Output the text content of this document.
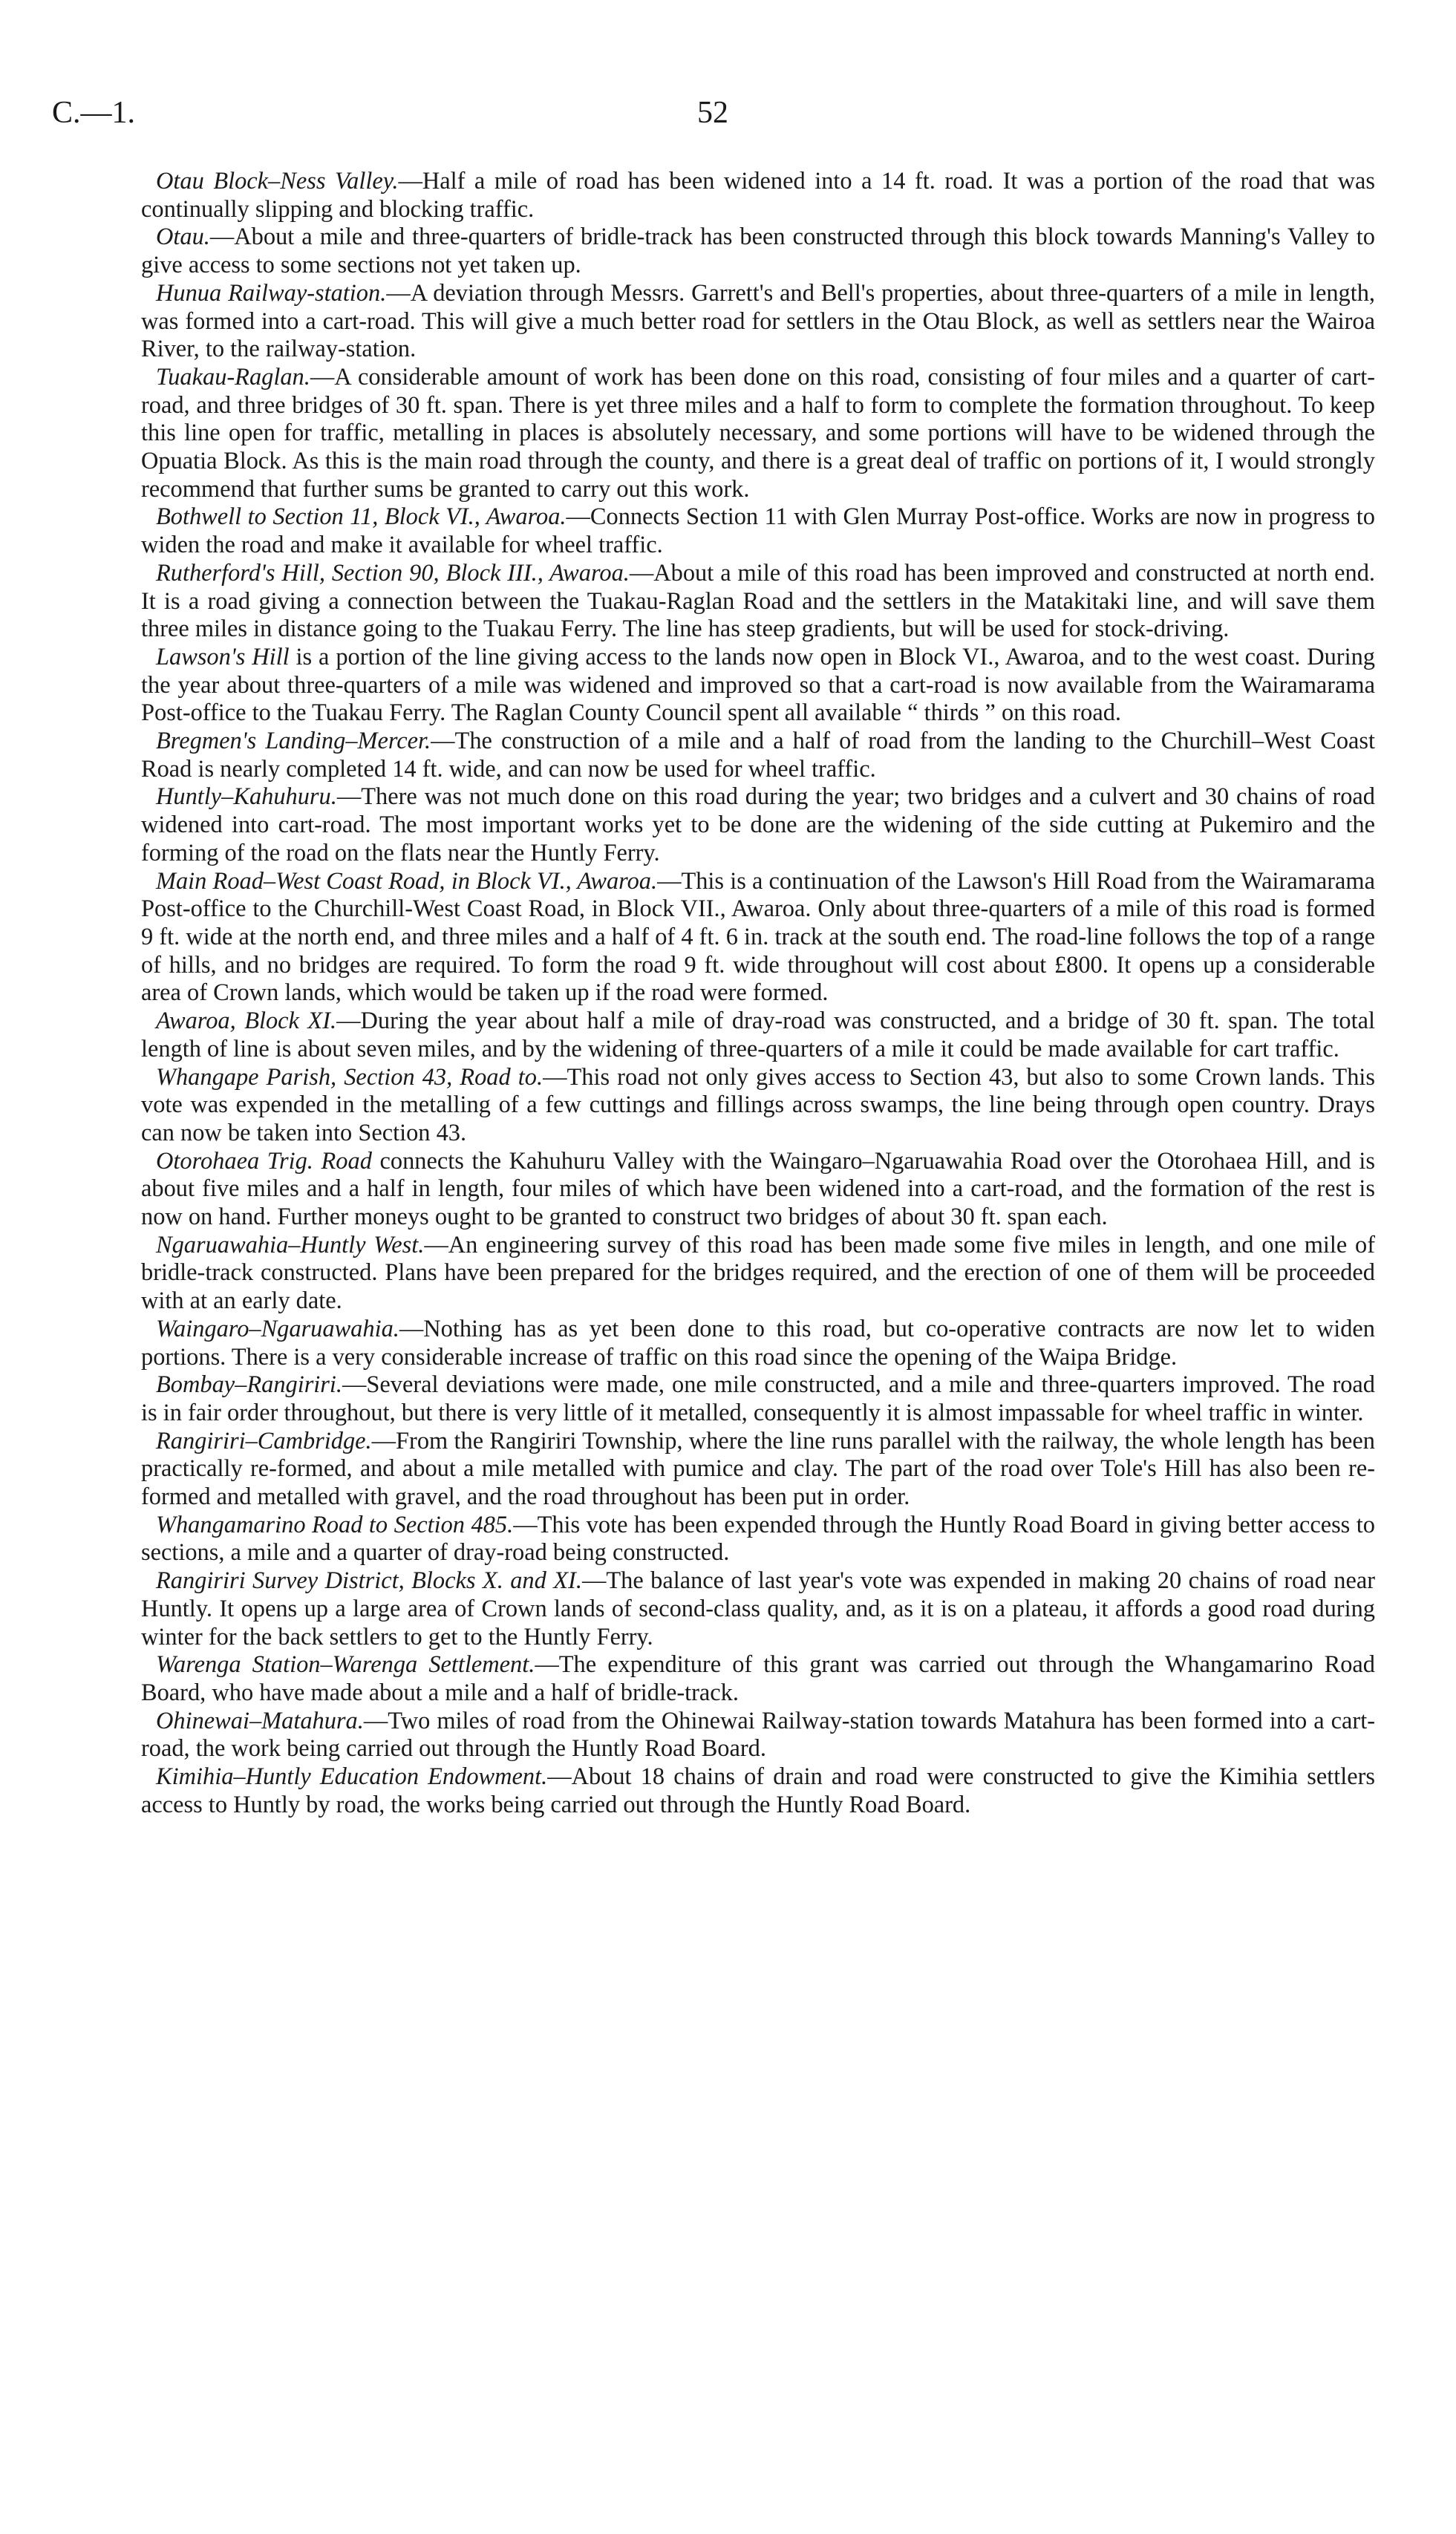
C.—1.	52

Otau Block–Ness Valley.—Half a mile of road has been widened into a 14 ft. road. It was a portion of the road that was continually slipping and blocking traffic.

Otau.—About a mile and three-quarters of bridle-track has been constructed through this block towards Manning's Valley to give access to some sections not yet taken up.

Hunua Railway-station.—A deviation through Messrs. Garrett's and Bell's properties, about three-quarters of a mile in length, was formed into a cart-road. This will give a much better road for settlers in the Otau Block, as well as settlers near the Wairoa River, to the railway-station.

Tuakau-Raglan.—A considerable amount of work has been done on this road, consisting of four miles and a quarter of cart-road, and three bridges of 30 ft. span. There is yet three miles and a half to form to complete the formation throughout. To keep this line open for traffic, metalling in places is absolutely necessary, and some portions will have to be widened through the Opuatia Block. As this is the main road through the county, and there is a great deal of traffic on portions of it, I would strongly recommend that further sums be granted to carry out this work.

Bothwell to Section 11, Block VI., Awaroa.—Connects Section 11 with Glen Murray Post-office. Works are now in progress to widen the road and make it available for wheel traffic.

Rutherford's Hill, Section 90, Block III., Awaroa.—About a mile of this road has been improved and constructed at north end. It is a road giving a connection between the Tuakau-Raglan Road and the settlers in the Matakitaki line, and will save them three miles in distance going to the Tuakau Ferry. The line has steep gradients, but will be used for stock-driving.

Lawson's Hill is a portion of the line giving access to the lands now open in Block VI., Awaroa, and to the west coast. During the year about three-quarters of a mile was widened and improved so that a cart-road is now available from the Wairamarama Post-office to the Tuakau Ferry. The Raglan County Council spent all available “ thirds ” on this road.

Bregmen's Landing–Mercer.—The construction of a mile and a half of road from the landing to the Churchill–West Coast Road is nearly completed 14 ft. wide, and can now be used for wheel traffic.

Huntly–Kahuhuru.—There was not much done on this road during the year; two bridges and a culvert and 30 chains of road widened into cart-road. The most important works yet to be done are the widening of the side cutting at Pukemiro and the forming of the road on the flats near the Huntly Ferry.

Main Road–West Coast Road, in Block VI., Awaroa.—This is a continuation of the Lawson's Hill Road from the Wairamarama Post-office to the Churchill-West Coast Road, in Block VII., Awaroa. Only about three-quarters of a mile of this road is formed 9 ft. wide at the north end, and three miles and a half of 4 ft. 6 in. track at the south end. The road-line follows the top of a range of hills, and no bridges are required. To form the road 9 ft. wide throughout will cost about £800. It opens up a considerable area of Crown lands, which would be taken up if the road were formed.

Awaroa, Block XI.—During the year about half a mile of dray-road was constructed, and a bridge of 30 ft. span. The total length of line is about seven miles, and by the widening of three-quarters of a mile it could be made available for cart traffic.

Whangape Parish, Section 43, Road to.—This road not only gives access to Section 43, but also to some Crown lands. This vote was expended in the metalling of a few cuttings and fillings across swamps, the line being through open country. Drays can now be taken into Section 43.

Otorohaea Trig. Road connects the Kahuhuru Valley with the Waingaro–Ngaruawahia Road over the Otorohaea Hill, and is about five miles and a half in length, four miles of which have been widened into a cart-road, and the formation of the rest is now on hand. Further moneys ought to be granted to construct two bridges of about 30 ft. span each.

Ngaruawahia–Huntly West.—An engineering survey of this road has been made some five miles in length, and one mile of bridle-track constructed. Plans have been prepared for the bridges required, and the erection of one of them will be proceeded with at an early date.

Waingaro–Ngaruawahia.—Nothing has as yet been done to this road, but co-operative contracts are now let to widen portions. There is a very considerable increase of traffic on this road since the opening of the Waipa Bridge.

Bombay–Rangiriri.—Several deviations were made, one mile constructed, and a mile and three-quarters improved. The road is in fair order throughout, but there is very little of it metalled, consequently it is almost impassable for wheel traffic in winter.

Rangiriri–Cambridge.—From the Rangiriri Township, where the line runs parallel with the railway, the whole length has been practically re-formed, and about a mile metalled with pumice and clay. The part of the road over Tole's Hill has also been re-formed and metalled with gravel, and the road throughout has been put in order.

Whangamarino Road to Section 485.—This vote has been expended through the Huntly Road Board in giving better access to sections, a mile and a quarter of dray-road being constructed.

Rangiriri Survey District, Blocks X. and XI.—The balance of last year's vote was expended in making 20 chains of road near Huntly. It opens up a large area of Crown lands of second-class quality, and, as it is on a plateau, it affords a good road during winter for the back settlers to get to the Huntly Ferry.

Warenga Station–Warenga Settlement.—The expenditure of this grant was carried out through the Whangamarino Road Board, who have made about a mile and a half of bridle-track.

Ohinewai–Matahura.—Two miles of road from the Ohinewai Railway-station towards Matahura has been formed into a cart-road, the work being carried out through the Huntly Road Board.

Kimihia–Huntly Education Endowment.—About 18 chains of drain and road were constructed to give the Kimihia settlers access to Huntly by road, the works being carried out through the Huntly Road Board.
